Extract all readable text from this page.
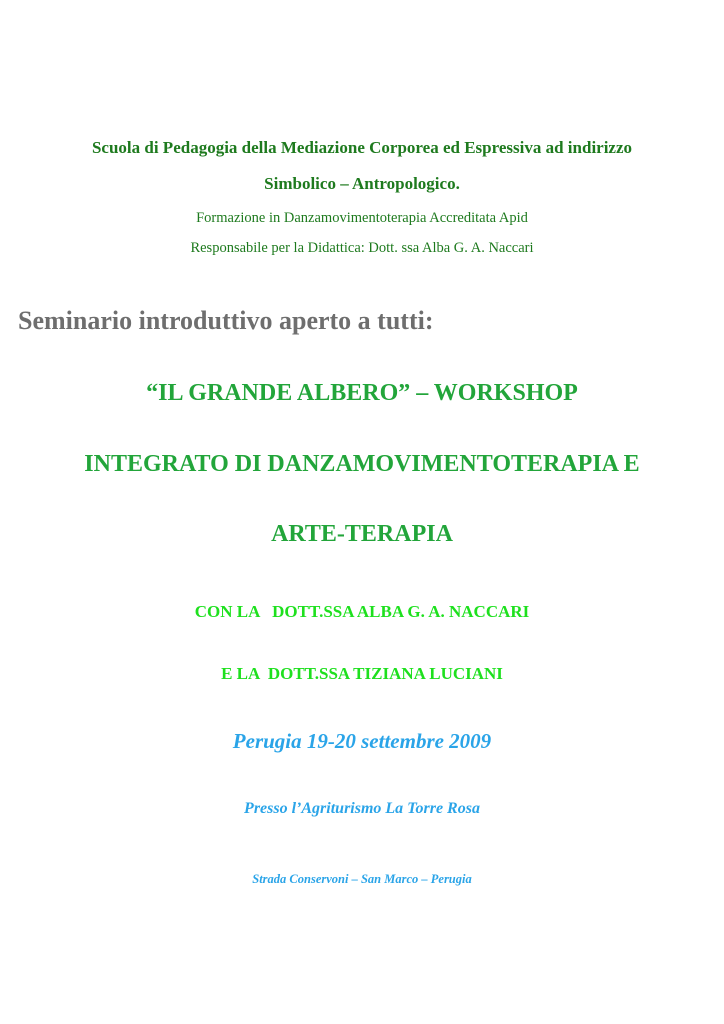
Scuola di Pedagogia della Mediazione Corporea ed Espressiva ad indirizzo
Simbolico – Antropologico.
Formazione in Danzamovimentoterapia Accreditata Apid
Responsabile per la Didattica: Dott. ssa Alba G. A. Naccari
Seminario introduttivo aperto a tutti:
“IL GRANDE ALBERO” – WORKSHOP
INTEGRATO DI DANZAMOVIMENTOTERAPIA E
ARTE-TERAPIA
CON LA   DOTT.SSA ALBA G. A. NACCARI
E LA  DOTT.SSA TIZIANA LUCIANI
Perugia 19-20 settembre 2009
Presso l’Agriturismo La Torre Rosa
Strada Conservoni – San Marco – Perugia
